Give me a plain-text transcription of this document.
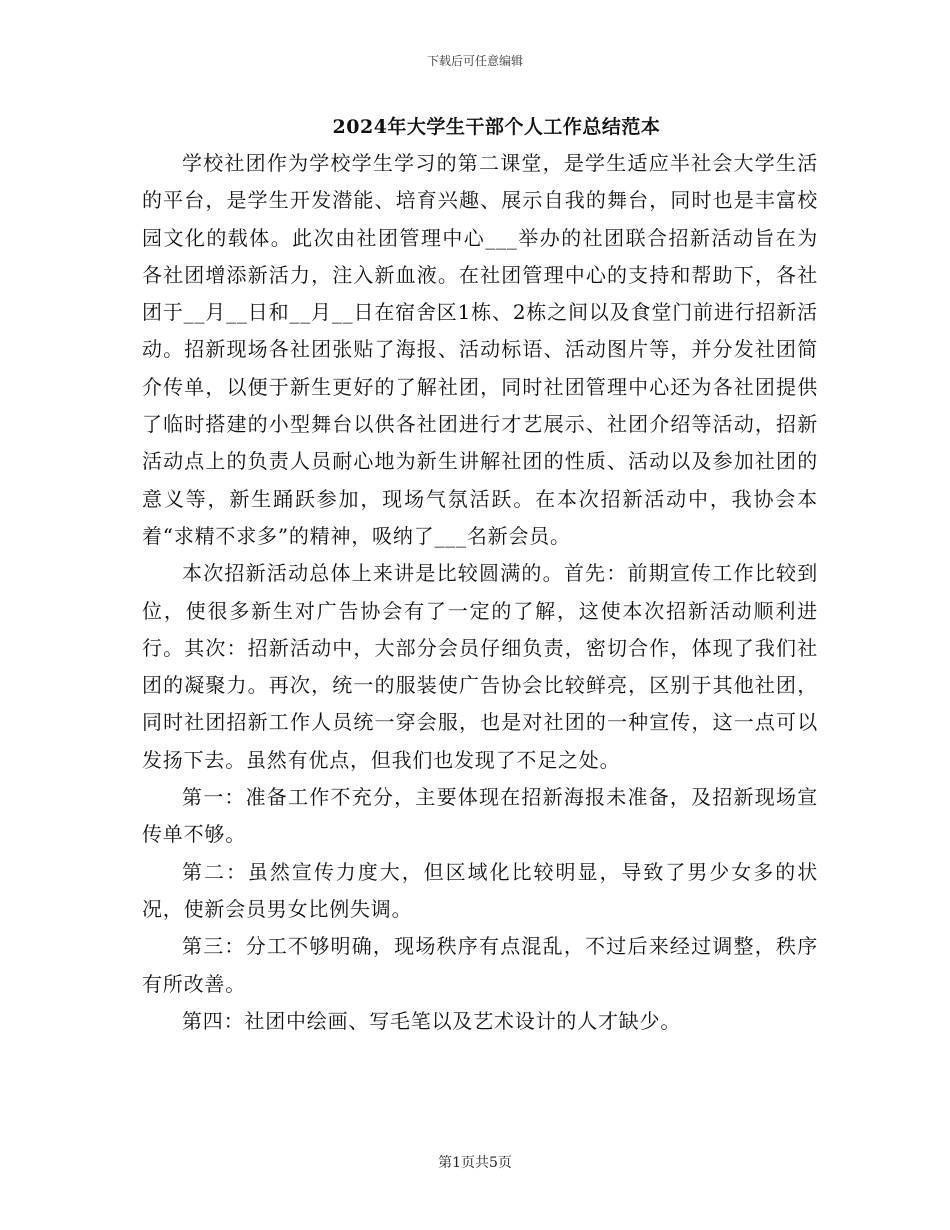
下载后可任意编辑
2024年大学生干部个人工作总结范本

学校社团作为学校学生学习的第二课堂，是学生适应半社会大学生活的平台，是学生开发潜能、培育兴趣、展示自我的舞台，同时也是丰富校园文化的载体。此次由社团管理中心___举办的社团联合招新活动旨在为各社团增添新活力，注入新血液。在社团管理中心的支持和帮助下，各社团于__月__日和__月__日在宿舍区1栋、2栋之间以及食堂门前进行招新活动。招新现场各社团张贴了海报、活动标语、活动图片等，并分发社团简介传单，以便于新生更好的了解社团，同时社团管理中心还为各社团提供了临时搭建的小型舞台以供各社团进行才艺展示、社团介绍等活动，招新活动点上的负责人员耐心地为新生讲解社团的性质、活动以及参加社团的意义等，新生踊跃参加，现场气氛活跃。在本次招新活动中，我协会本着“求精不求多”的精神，吸纳了___名新会员。

本次招新活动总体上来讲是比较圆满的。首先：前期宣传工作比较到位，使很多新生对广告协会有了一定的了解，这使本次招新活动顺利进行。其次：招新活动中，大部分会员仔细负责，密切合作，体现了我们社团的凝聚力。再次，统一的服装使广告协会比较鲜亮，区别于其他社团，同时社团招新工作人员统一穿会服，也是对社团的一种宣传，这一点可以发扬下去。虽然有优点，但我们也发现了不足之处。

第一：准备工作不充分，主要体现在招新海报未准备，及招新现场宣传单不够。

第二：虽然宣传力度大，但区域化比较明显，导致了男少女多的状况，使新会员男女比例失调。

第三：分工不够明确，现场秩序有点混乱，不过后来经过调整，秩序有所改善。

第四：社团中绘画、写毛笔以及艺术设计的人才缺少。

第1页共5页
